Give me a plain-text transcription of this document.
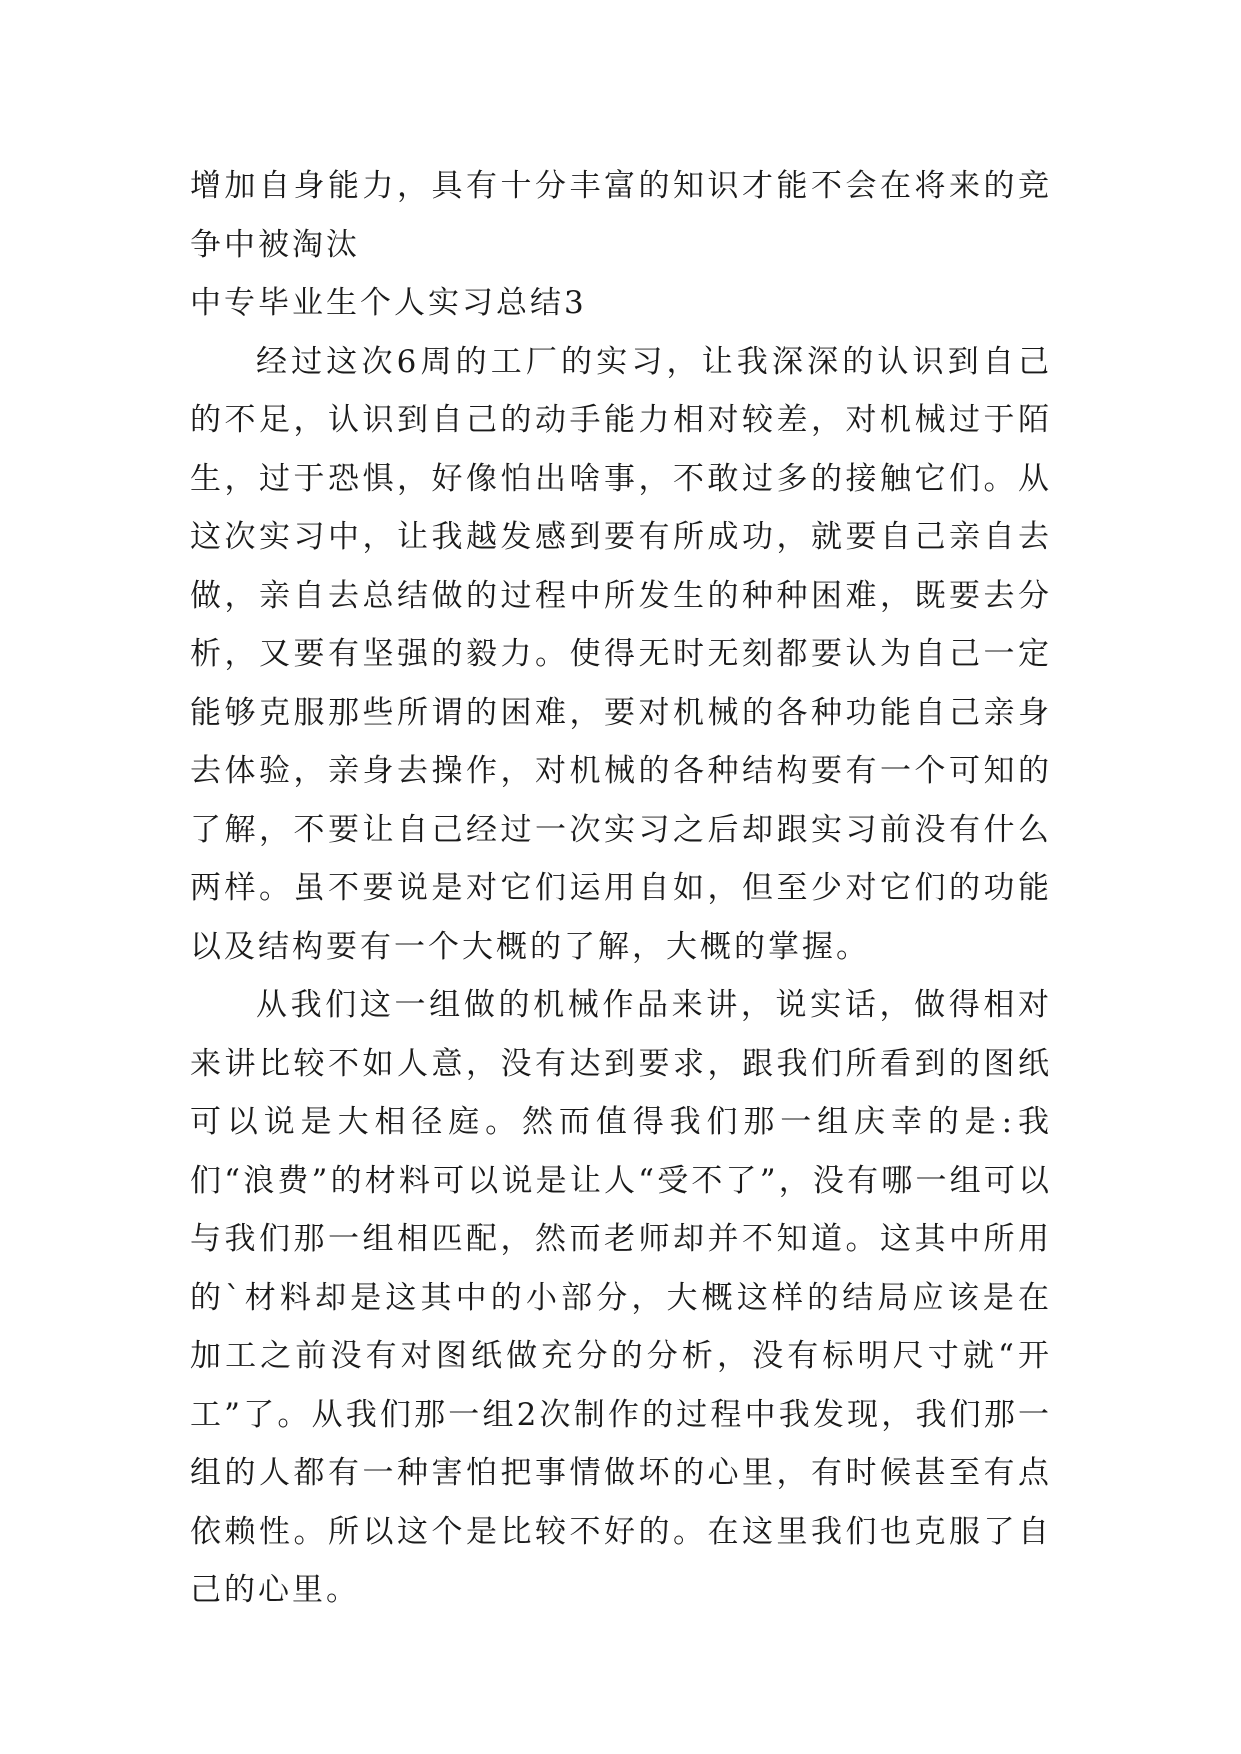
增加自身能力，具有十分丰富的知识才能不会在将来的竞争中被淘汰

中专毕业生个人实习总结3

经过这次6周的工厂的实习，让我深深的认识到自己的不足，认识到自己的动手能力相对较差，对机械过于陌生，过于恐惧，好像怕出啥事，不敢过多的接触它们。从这次实习中，让我越发感到要有所成功，就要自己亲自去做，亲自去总结做的过程中所发生的种种困难，既要去分析，又要有坚强的毅力。使得无时无刻都要认为自己一定能够克服那些所谓的困难，要对机械的各种功能自己亲身去体验，亲身去操作，对机械的各种结构要有一个可知的了解，不要让自己经过一次实习之后却跟实习前没有什么两样。虽不要说是对它们运用自如，但至少对它们的功能以及结构要有一个大概的了解，大概的掌握。

从我们这一组做的机械作品来讲，说实话，做得相对来讲比较不如人意，没有达到要求，跟我们所看到的图纸可以说是大相径庭。然而值得我们那一组庆幸的是:我们“浪费”的材料可以说是让人“受不了”，没有哪一组可以与我们那一组相匹配，然而老师却并不知道。这其中所用的`材料却是这其中的小部分，大概这样的结局应该是在加工之前没有对图纸做充分的分析，没有标明尺寸就“开工”了。从我们那一组2次制作的过程中我发现，我们那一组的人都有一种害怕把事情做坏的心里，有时候甚至有点依赖性。所以这个是比较不好的。在这里我们也克服了自己的心里。
